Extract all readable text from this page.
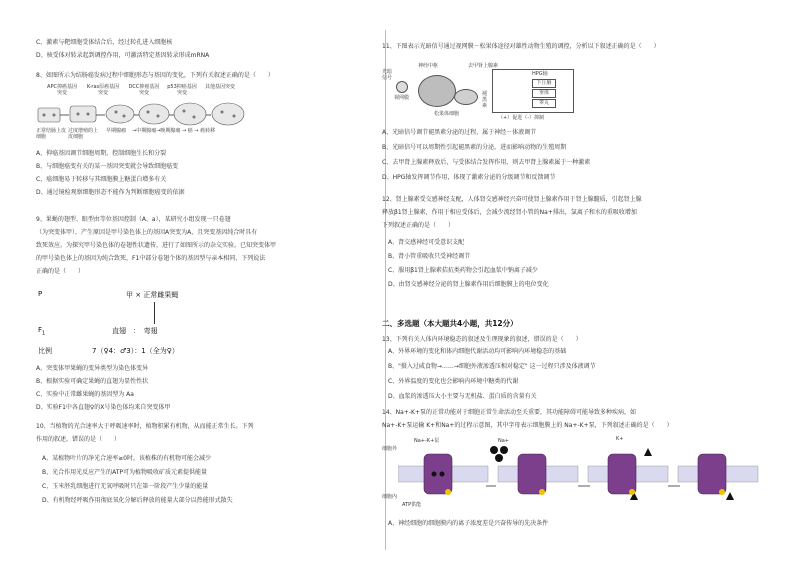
C、激素与靶细胞受体结合后，经过转孔进入细胞核
D、核受体对转录起到调控作用，可激活特定基因转录形成mRNA
8、如图所示为结肠癌发病过程中细胞形态与基因的变化，下列有关叙述正确的是（　　）
APC抑癌基因突变
K-ras原癌基因突变
DCC抑癌基因突变
p53抑癌基因突变
其他基因突变
正常结肠上皮细胞
过度增殖的上皮细胞
早期腺瘤 →中期腺瘤→晚期腺瘤 → 癌 → 癌转移
A、抑癌基因调节细胞周期，控制细胞生长和分裂
B、与细胞癌变有关的某一基因突变就会导致细胞癌变
C、癌细胞易于转移与其细胞膜上糖蛋白增多有关
D、通过镜检观察细胞形态不能作为判断细胞癌变的依据
9、果蝇的翅型、眼型由等位基因控制（A、a），某研究小组发现一只卷翅
（为突变体甲），产生原因是甲号染色体上的基因A突变为A，且突变基因纯合时具有
致死效应。为探究甲号染色体的卷翅性状遗传，进行了如图所示的杂交实验。已知突变体甲
的甲号染色体上的基因为纯合致死，F1中部分卷翅个体的基因型与亲本相同，下列说法
正确的是（　　）
P	甲 × 正常雌果蝇
$F_1$	直翅　：　弯翅
比例	7（♀4：♂3）：1（全为♀）
A、突变体甲果蝇的变异类型为染色体变异
B、根据实验可确定果蝇的直翅为显性性状
C、实验中正常雌果蝇的基因型为 Aa
D、实验F1中各直翅♀的X号染色体均来自突变体甲
10、当植物的光合速率大于呼吸速率时，植物积累有机物，从而能正常生长。下列
作用的叙述，错误的是（　　）
A、某植物叶片的净光合速率≥0时，该植株的有机物可能会减少
B、光合作用光反应产生的ATP可为植物吸收矿质元素提供能量
C、玉米胚乳细胞进行无氧呼吸时只在第一阶段产生少量的能量
D、有机物经呼吸作用彻底氧化分解后释放的能量大部分以热能形式散失
11、下图表示光暗信号通过视网膜－松果体途径对雄性动物生殖的调控，分析以下叙述正确的是（　　）
光暗信号
视网膜
神经中枢	去甲肾上腺素
松果体细胞
褪黑素
HPG轴
下丘脑
垂体
睾丸
（+）促进（-）抑制
A、光暗信号调节褪黑素分泌的过程，属于神经－体液调节
B、光暗信号可以周期性引起褪黑素的分泌，进而影响动物的生殖周期
C、去甲肾上腺素释放后，与受体结合发挥作用，则去甲肾上腺素属于一种激素
D、HPG轴发挥调节作用，体现了激素分泌的分级调节和反馈调节
12、肾上腺素受交感神经支配，人体肾交感神经兴奋可使肾上腺素作用于肾上腺髓质，引起肾上腺
释放β1肾上腺素，作用于相应受体后，会减少流经肾小管的Na+排出，氯离子和水的重吸收增加
下列叙述正确的是（　　）
A、肾交感神经可受意识支配
B、肾小管重吸收只受神经调节
C、服用β1肾上腺素拮抗类药物会引起血浆中钠离子减少
D、由肾交感神经分泌的肾上腺素作用后细胞膜上的电位变化
二、多选题（本大题共4小题，共12分）
13、下列有关人体内环境稳态的叙述及生理现象的叙述，错误的是（　　）
A、外界环境的变化和体内细胞代谢活动均可影响内环境稳态的基础
B、"摄入过咸食物→……→细胞外液渗透压相对稳定" 这一过程只涉及体液调节
C、外界温度的变化也会影响内环境中糖类的代谢
D、血浆的渗透压大小主要与无机盐、蛋白质的含量有关
14、Na+-K+泵的正常功能对于细胞正常生命活动至关重要，其功能障碍可能导致多种疾病，如
Na+-K+泵运输 K+和Na+的过程示意图，其中字母表示细胞膜上的 Na+-K+泵，下列叙述正确的是（　　）
细胞外
细胞内
Na+-K+泵	Na+	K+
ATP供能
A、神经细胞的细胞膜内的离子浓度差是兴奋传导的先决条件
